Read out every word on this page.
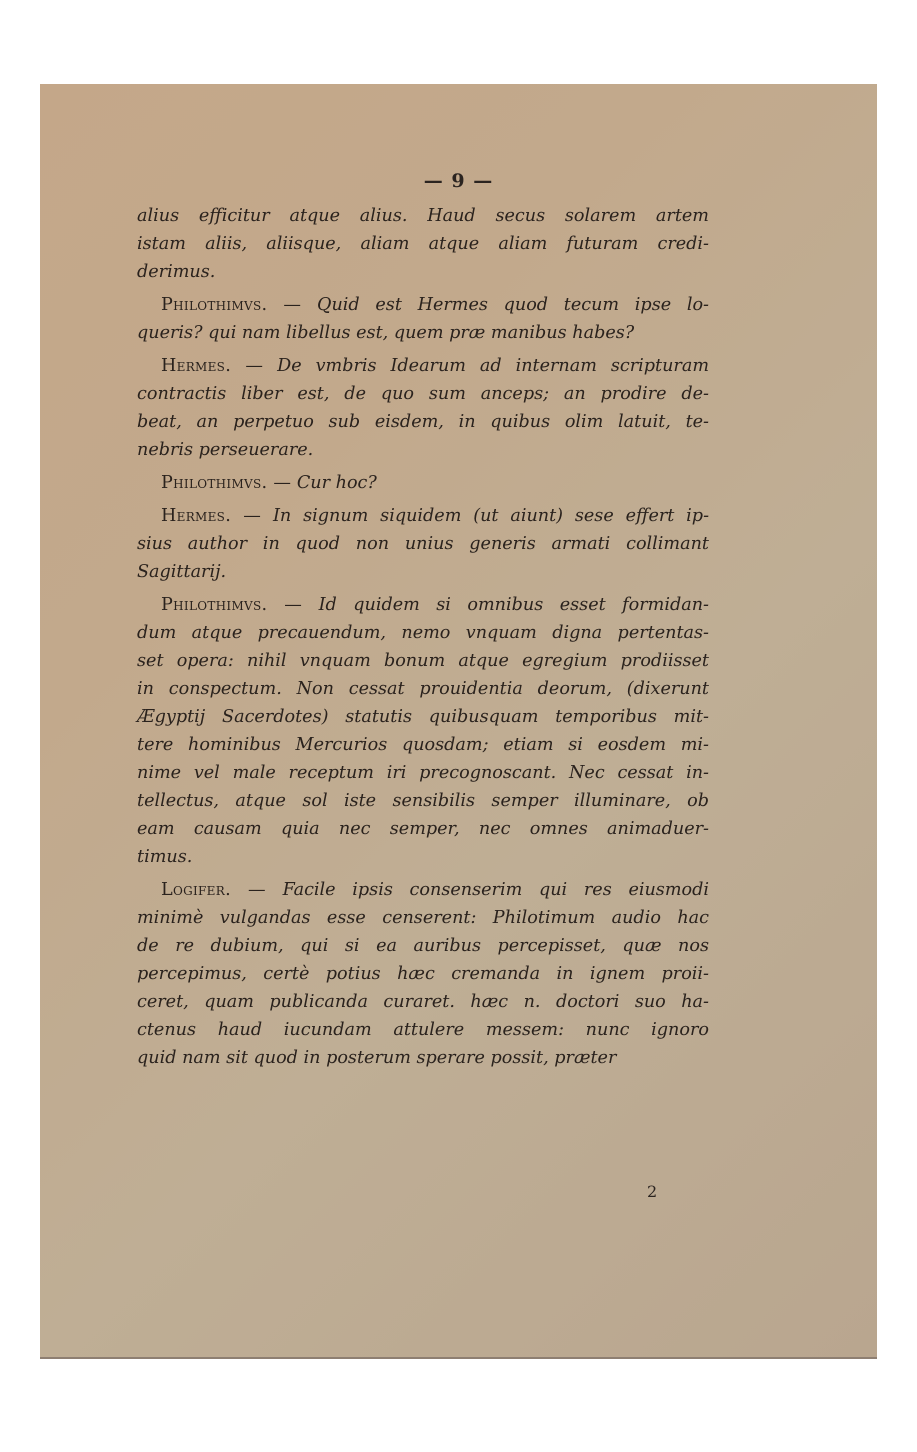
— 9 —
alius efficitur atque alius. Haud secus solarem artem
istam aliis, aliisque, aliam atque aliam futuram credi-
derimus.
Philothimvs. — Quid est Hermes quod tecum ipse lo-
queris? qui nam libellus est, quem præ manibus habes?
Hermes. — De vmbris Idearum ad internam scripturam
contractis liber est, de quo sum anceps; an prodire de-
beat, an perpetuo sub eisdem, in quibus olim latuit, te-
nebris perseuerare.
Philothimvs. — Cur hoc?
Hermes. — In signum siquidem (ut aiunt) sese effert ip-
sius author in quod non unius generis armati collimant
Sagittarij.
Philothimvs. — Id quidem si omnibus esset formidan-
dum atque precauendum, nemo vnquam digna pertentas-
set opera: nihil vnquam bonum atque egregium prodiisset
in conspectum. Non cessat prouidentia deorum, (dixerunt
Ægyptij Sacerdotes) statutis quibusquam temporibus mit-
tere hominibus Mercurios quosdam; etiam si eosdem mi-
nime vel male receptum iri precognoscant. Nec cessat in-
tellectus, atque sol iste sensibilis semper illuminare, ob
eam causam quia nec semper, nec omnes animaduer-
timus.
Logifer. — Facile ipsis consenserim qui res eiusmodi
minimè vulgandas esse censerent: Philotimum audio hac
de re dubium, qui si ea auribus percepisset, quæ nos
percepimus, certè potius hæc cremanda in ignem proii-
ceret, quam publicanda curaret. hæc n. doctori suo ha-
ctenus haud iucundam attulere messem: nunc ignoro
quid nam sit quod in posterum sperare possit, præter
2
